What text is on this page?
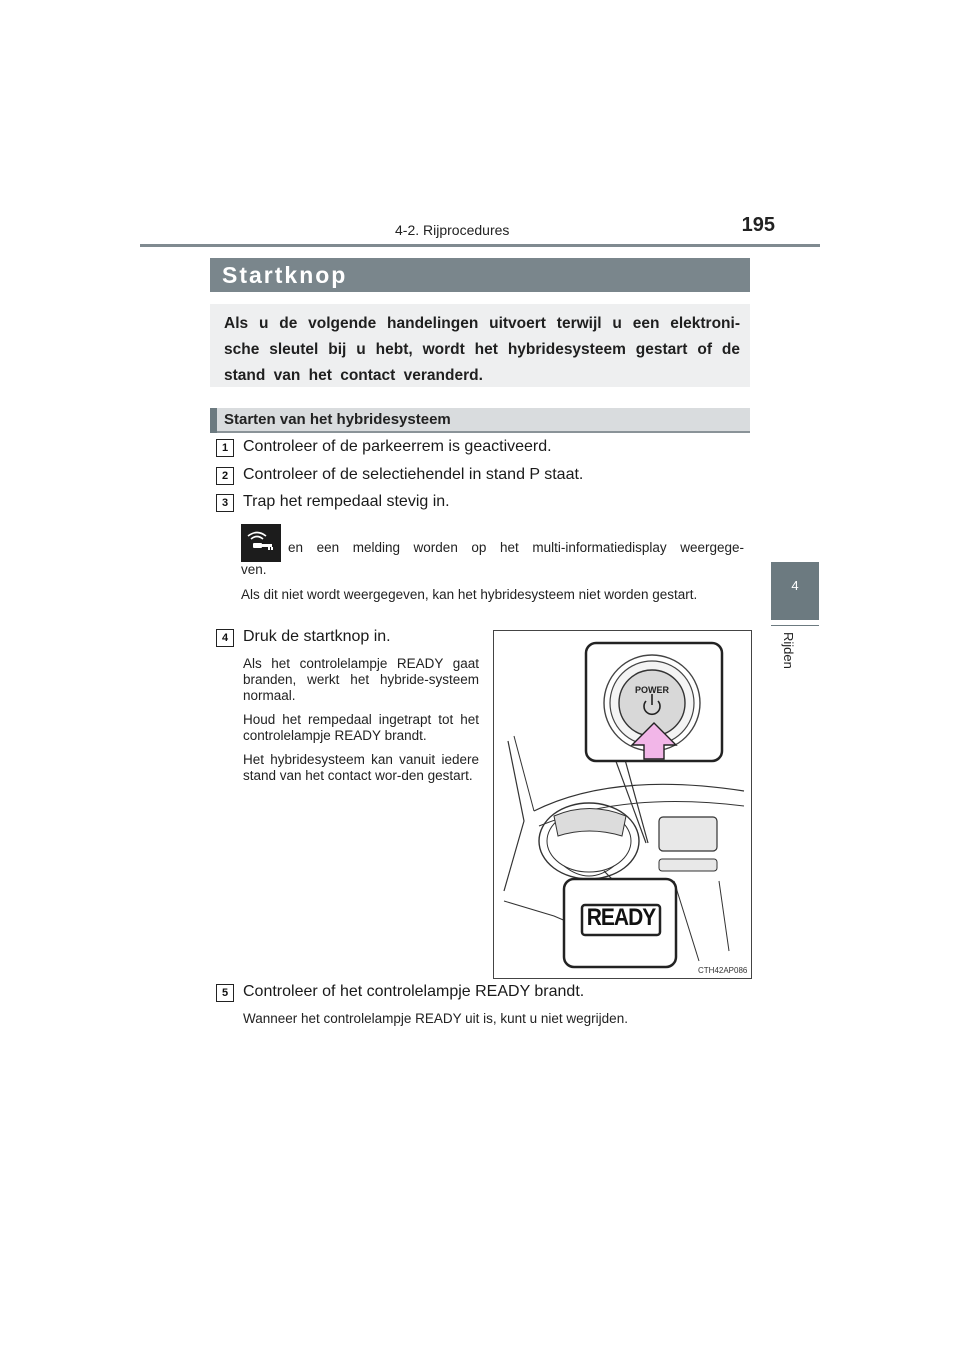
4-2. Rijprocedures	195
4
Rijden
Startknop
Als u de volgende handelingen uitvoert terwijl u een elektroni-sche sleutel bij u hebt, wordt het hybridesysteem gestart of de stand van het contact veranderd.
Starten van het hybridesysteem
1 Controleer of de parkeerrem is geactiveerd.
2 Controleer of de selectiehendel in stand P staat.
3 Trap het rempedaal stevig in.
en een melding worden op het multi-informatiedisplay weergege-
ven.
Als dit niet wordt weergegeven, kan het hybridesysteem niet worden gestart.
4 Druk de startknop in.
Als het controlelampje READY gaat branden, werkt het hybride-systeem normaal.
Houd het rempedaal ingetrapt tot het controlelampje READY brandt.
Het hybridesysteem kan vanuit iedere stand van het contact wor-den gestart.
POWER
READY
CTH42AP086
5 Controleer of het controlelampje READY brandt.
Wanneer het controlelampje READY uit is, kunt u niet wegrijden.
